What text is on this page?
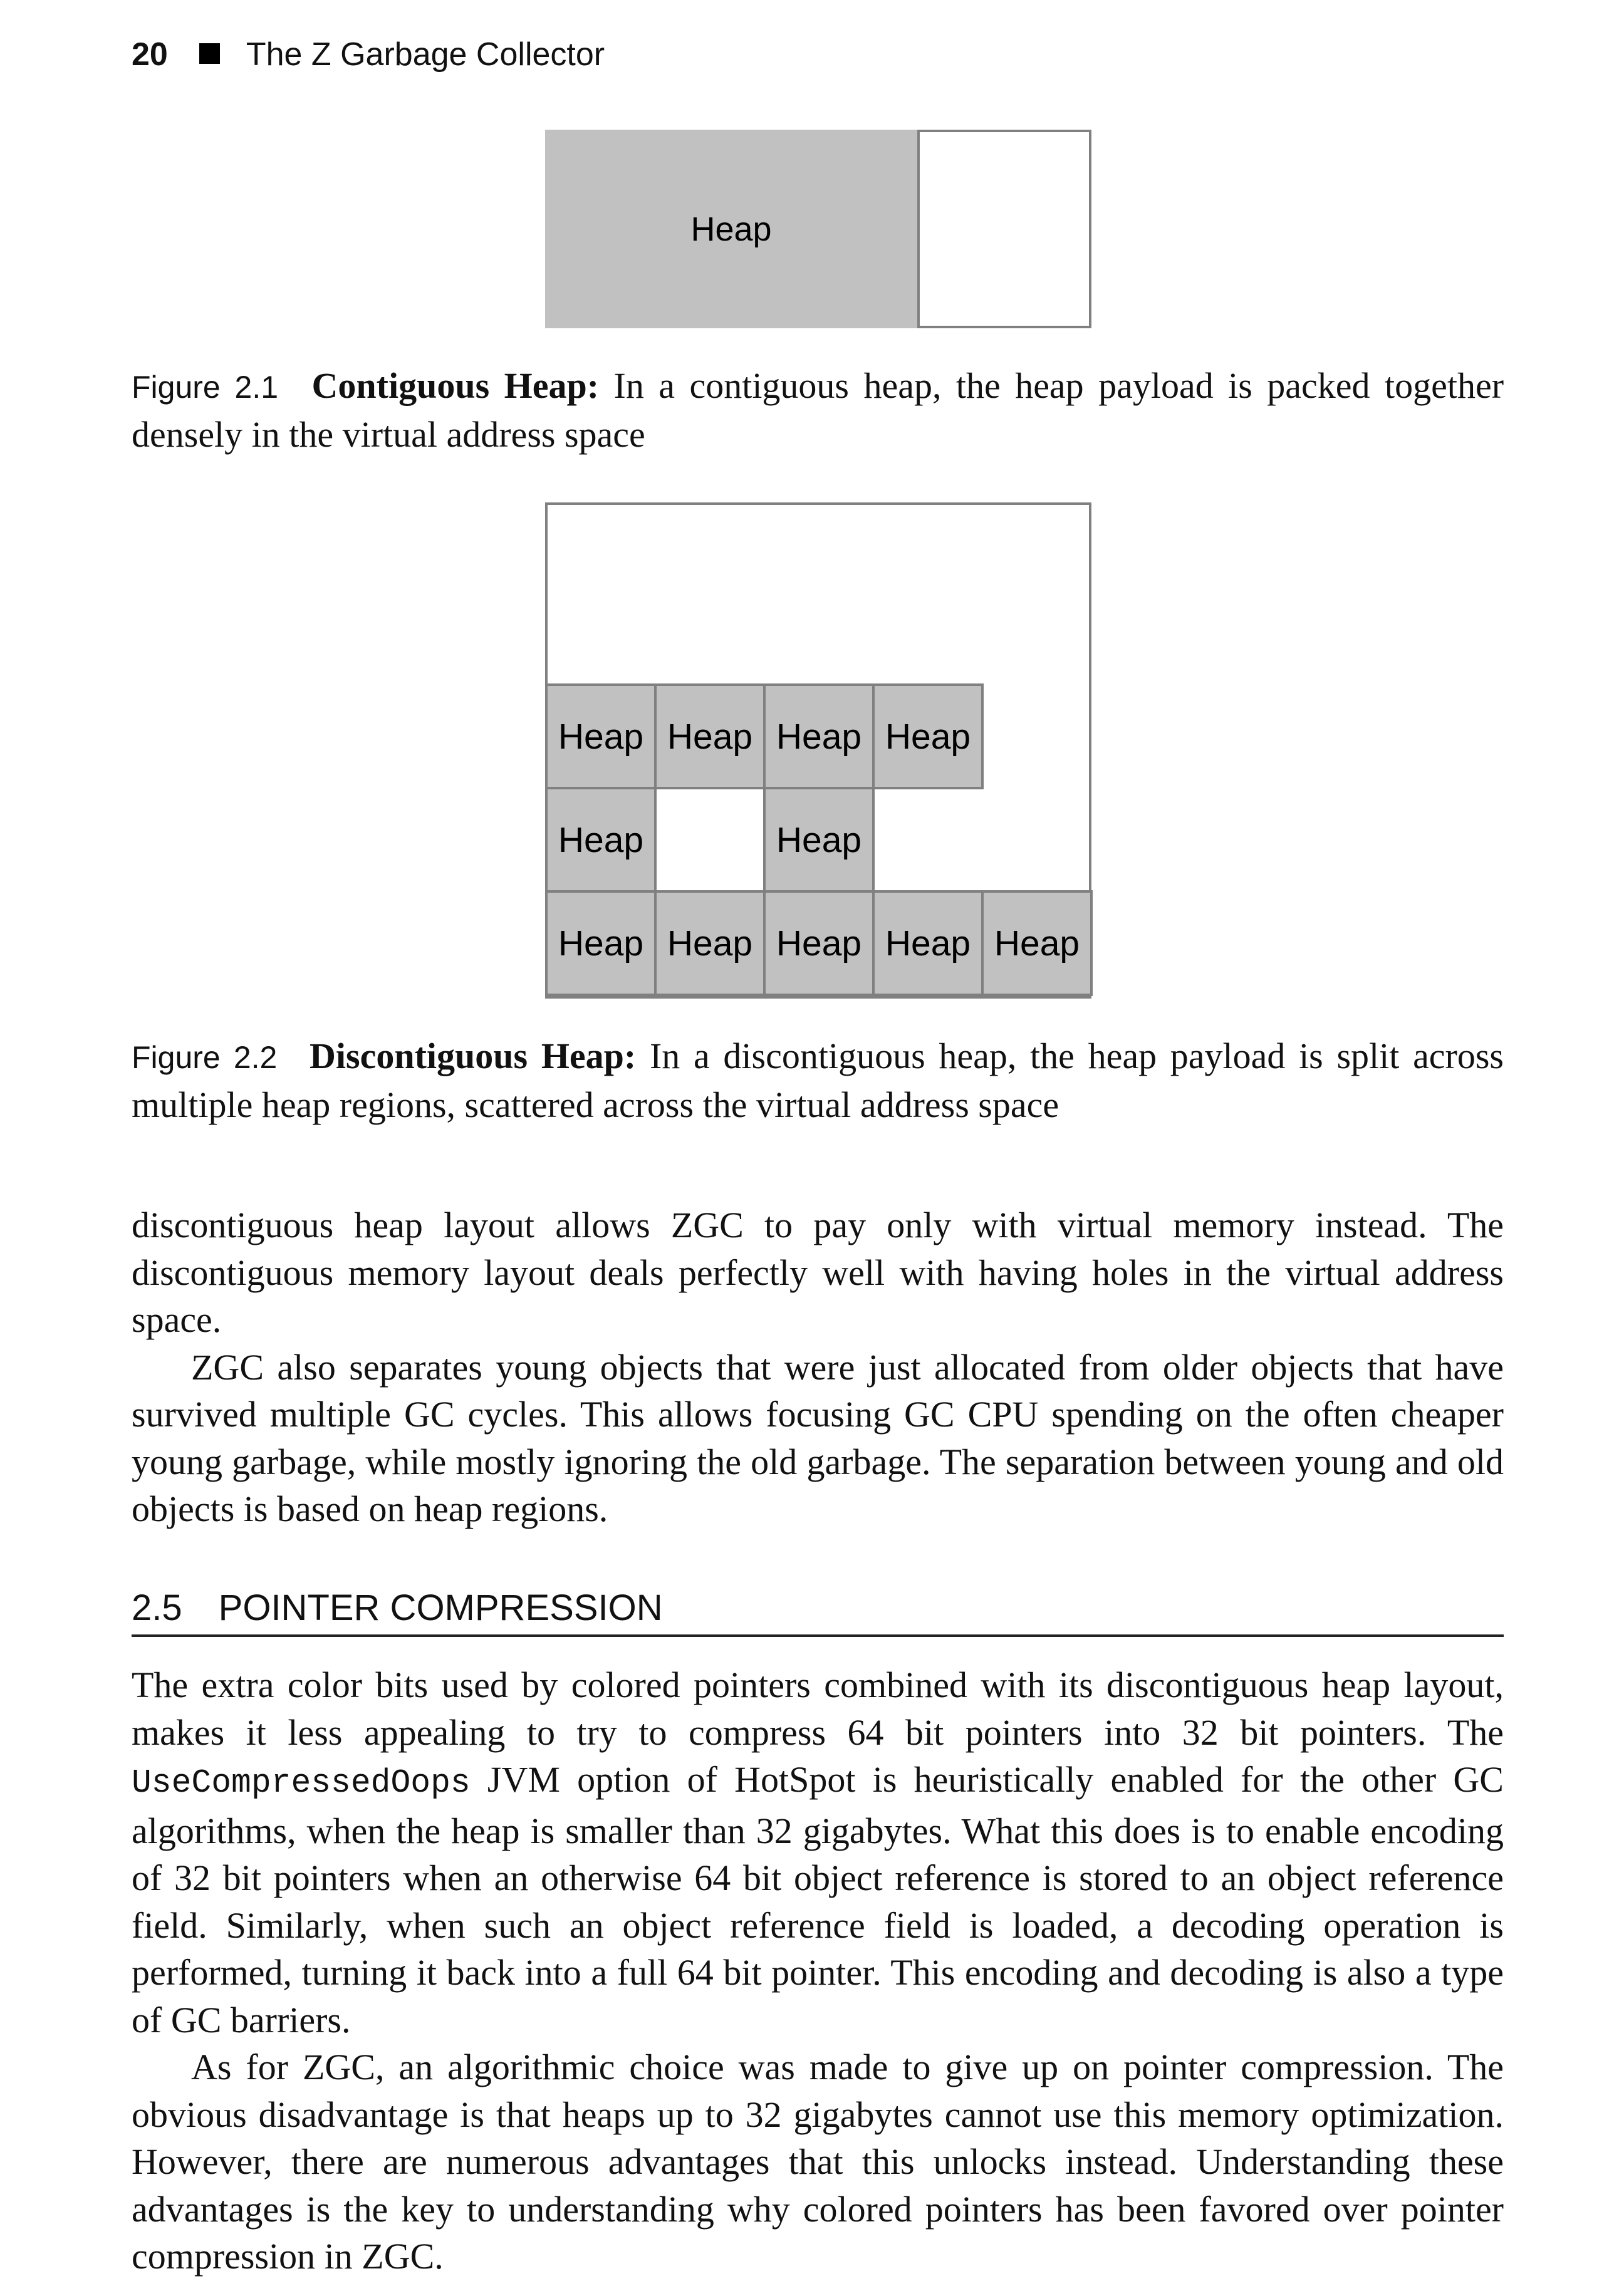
20 The Z Garbage Collector
Heap
Figure 2.1 Contiguous Heap: In a contiguous heap, the heap payload is packed together densely in the virtual address space
Heap Heap Heap Heap
Heap	Heap
Heap Heap Heap Heap Heap
Figure 2.2 Discontiguous Heap: In a discontiguous heap, the heap payload is split across multiple heap regions, scattered across the virtual address space

discontiguous heap layout allows ZGC to pay only with virtual memory instead. The discontiguous memory layout deals perfectly well with having holes in the virtual address space.

ZGC also separates young objects that were just allocated from older objects that have survived multiple GC cycles. This allows focusing GC CPU spending on the often cheaper young garbage, while mostly ignoring the old garbage. The separation between young and old objects is based on heap regions.

2.5 POINTER COMPRESSION

The extra color bits used by colored pointers combined with its discontiguous heap layout, makes it less appealing to try to compress 64 bit pointers into 32 bit pointers. The UseCompressedOops JVM option of HotSpot is heuristically enabled for the other GC algorithms, when the heap is smaller than 32 gigabytes. What this does is to enable encoding of 32 bit pointers when an otherwise 64 bit object reference is stored to an object reference field. Similarly, when such an object reference field is loaded, a decoding operation is performed, turning it back into a full 64 bit pointer. This encoding and decoding is also a type of GC barriers.

As for ZGC, an algorithmic choice was made to give up on pointer compression. The obvious disadvantage is that heaps up to 32 gigabytes cannot use this memory optimization. However, there are numerous advantages that this unlocks instead. Understanding these advantages is the key to understanding why colored pointers has been favored over pointer compression in ZGC.
